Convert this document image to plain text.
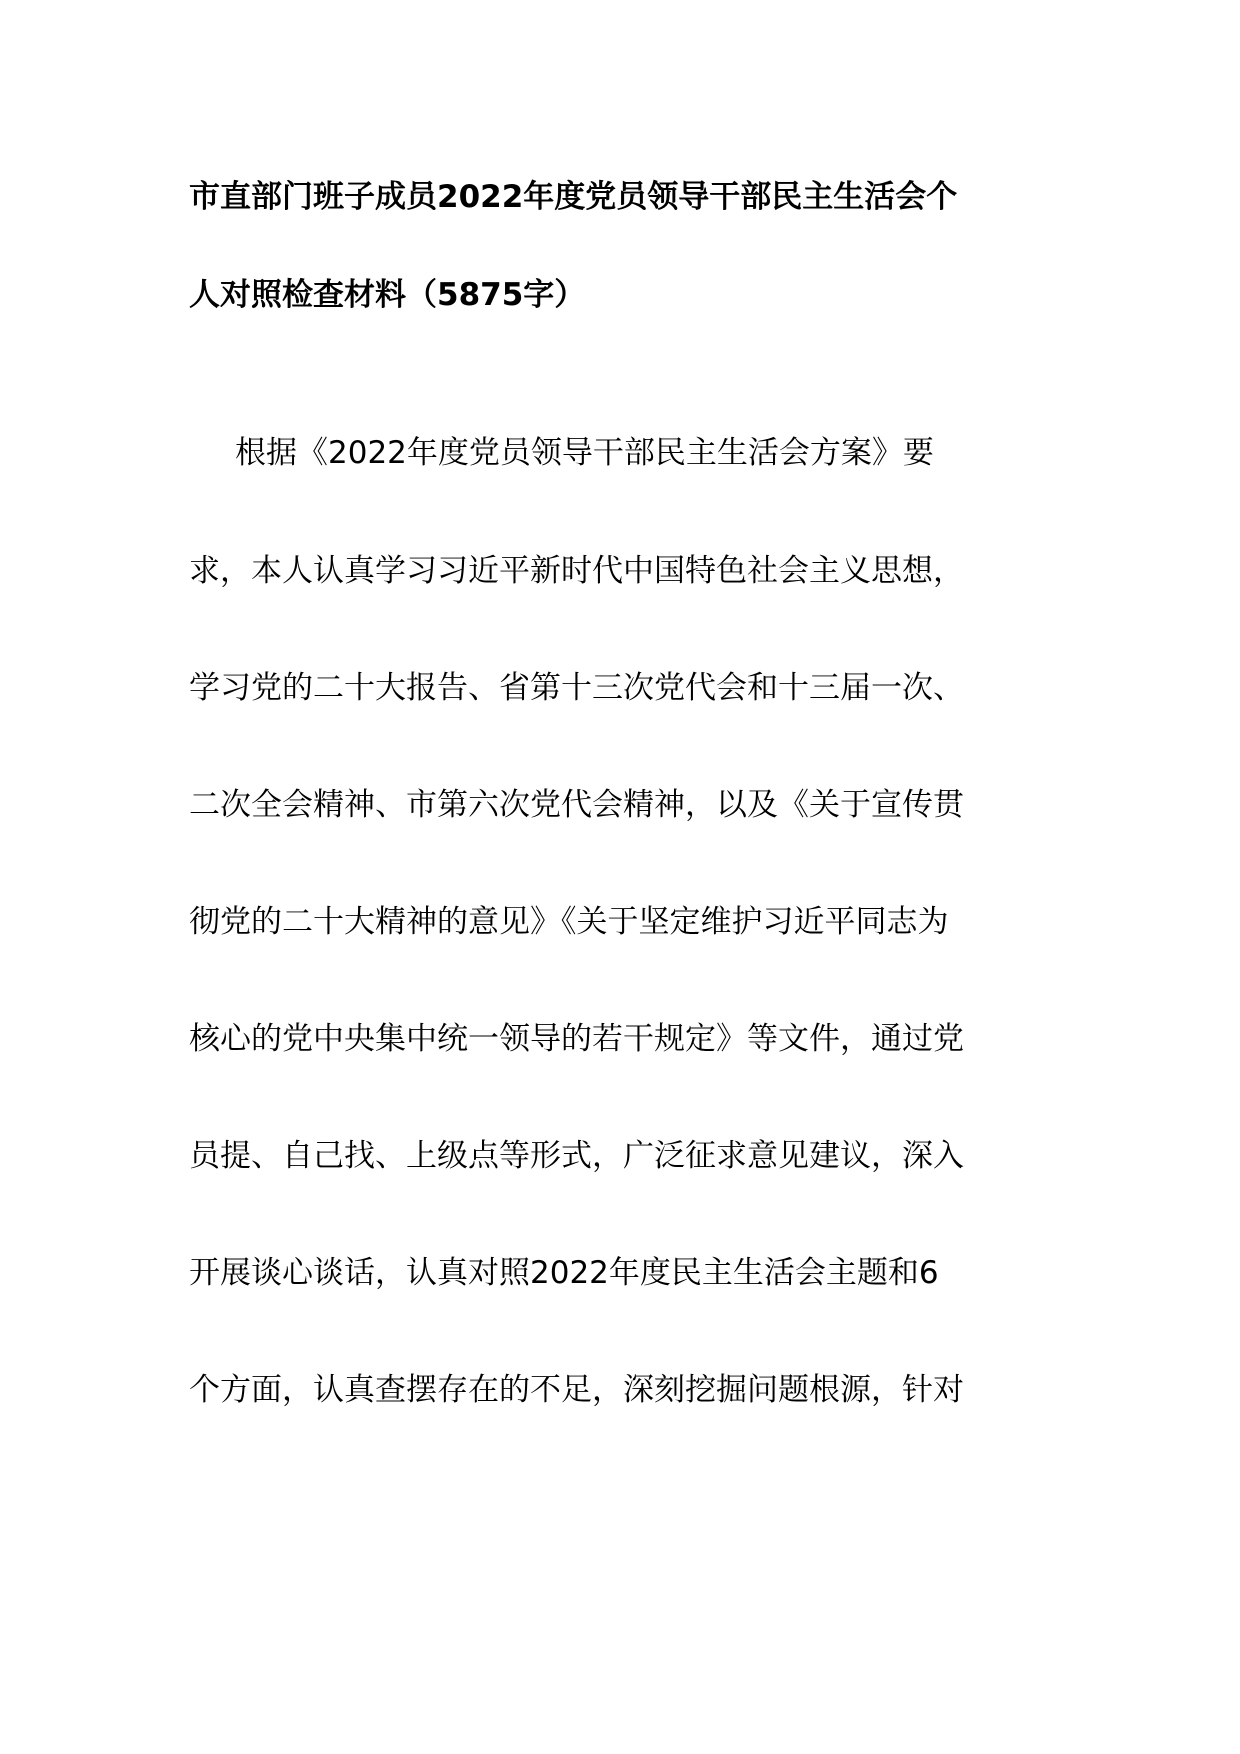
市直部门班子成员2022年度党员领导干部民主生活会个
人对照检查材料（5875字）
根据《2022年度党员领导干部民主生活会方案》要
求，本人认真学习习近平新时代中国特色社会主义思想，
学习党的二十大报告、省第十三次党代会和十三届一次、
二次全会精神、市第六次党代会精神，以及《关于宣传贯
彻党的二十大精神的意见》《关于坚定维护习近平同志为
核心的党中央集中统一领导的若干规定》等文件，通过党
员提、自己找、上级点等形式，广泛征求意见建议，深入
开展谈心谈话，认真对照2022年度民主生活会主题和6
个方面，认真查摆存在的不足，深刻挖掘问题根源，针对
